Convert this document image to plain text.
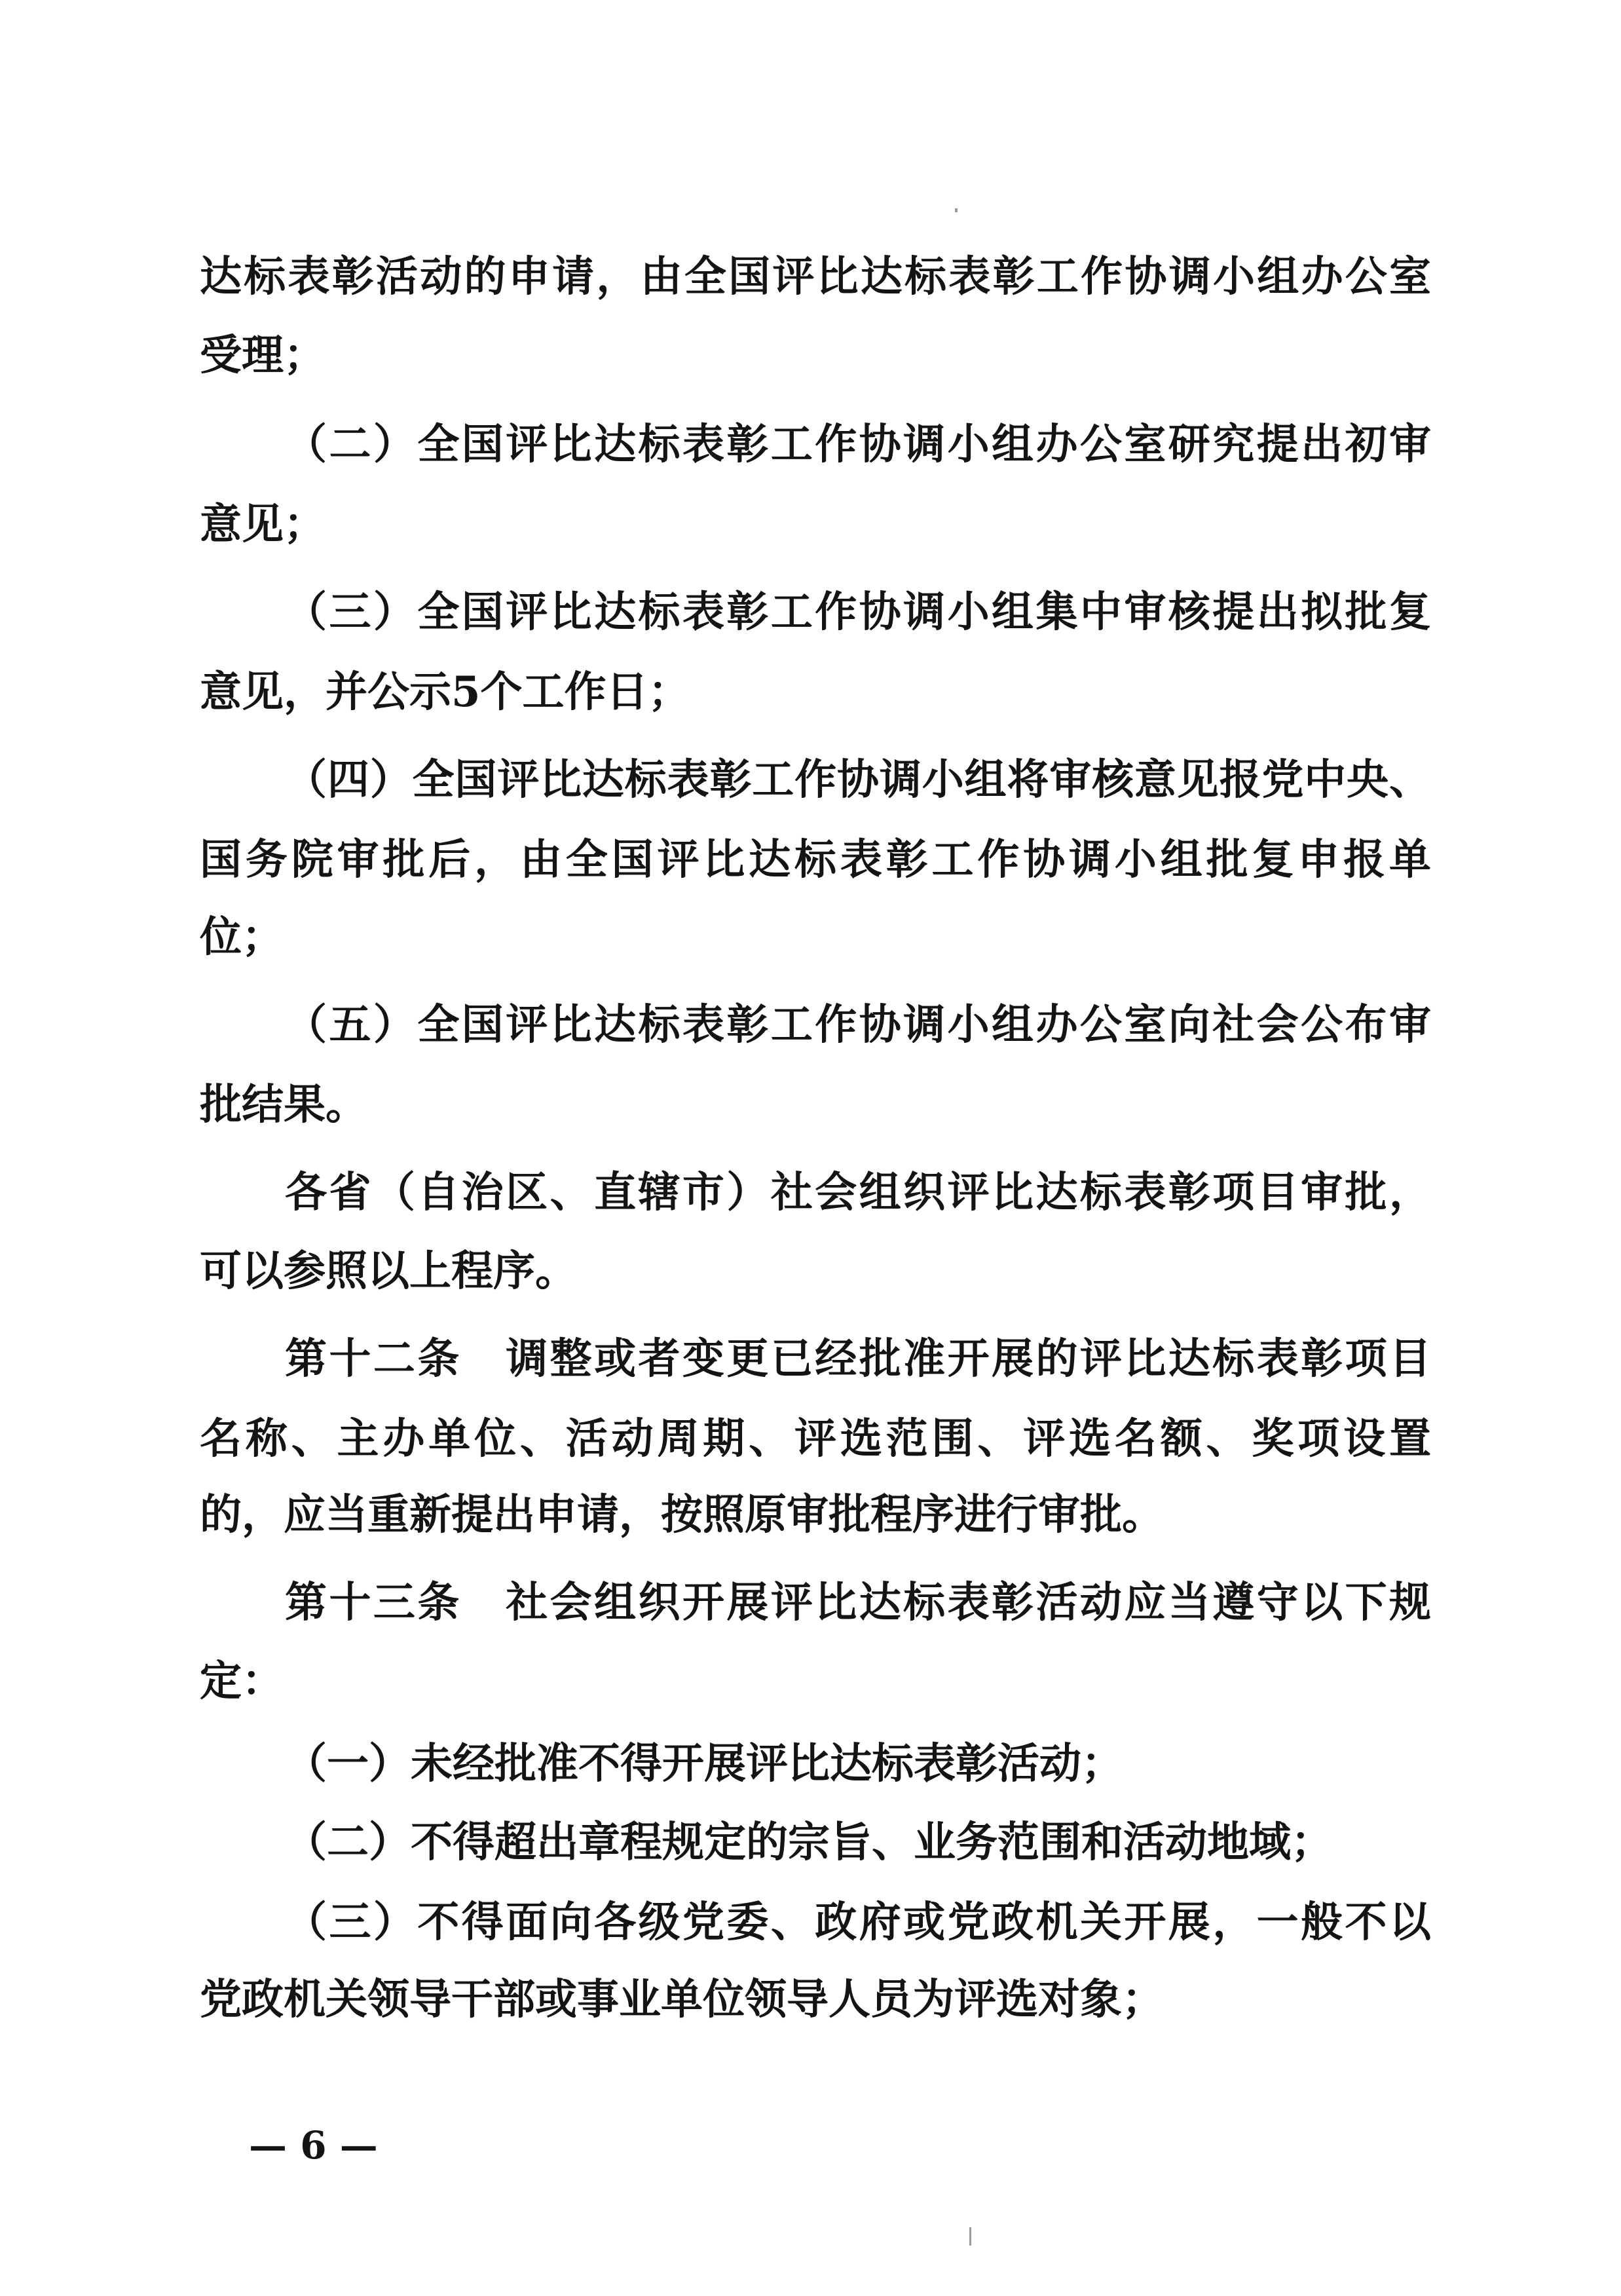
达标表彰活动的申请，由全国评比达标表彰工作协调小组办公室
受理；
（二）全国评比达标表彰工作协调小组办公室研究提出初审
意见；
（三）全国评比达标表彰工作协调小组集中审核提出拟批复
意见，并公示5个工作日；
（四）全国评比达标表彰工作协调小组将审核意见报党中央、
国务院审批后，由全国评比达标表彰工作协调小组批复申报单
位；
（五）全国评比达标表彰工作协调小组办公室向社会公布审
批结果。
各省（自治区、直辖市）社会组织评比达标表彰项目审批，
可以参照以上程序。
第十二条　 调整或者变更已经批准开展的评比达标表彰项目
名称、主办单位、活动周期、评选范围、评选名额、奖项设置
的，应当重新提出申请，按照原审批程序进行审批。
第十三条　 社会组织开展评比达标表彰活动应当遵守以下规
定：
（一）未经批准不得开展评比达标表彰活动；
（二）不得超出章程规定的宗旨、业务范围和活动地域；
（三）不得面向各级党委、政府或党政机关开展，一般不以
党政机关领导干部或事业单位领导人员为评选对象；
— 6 —
